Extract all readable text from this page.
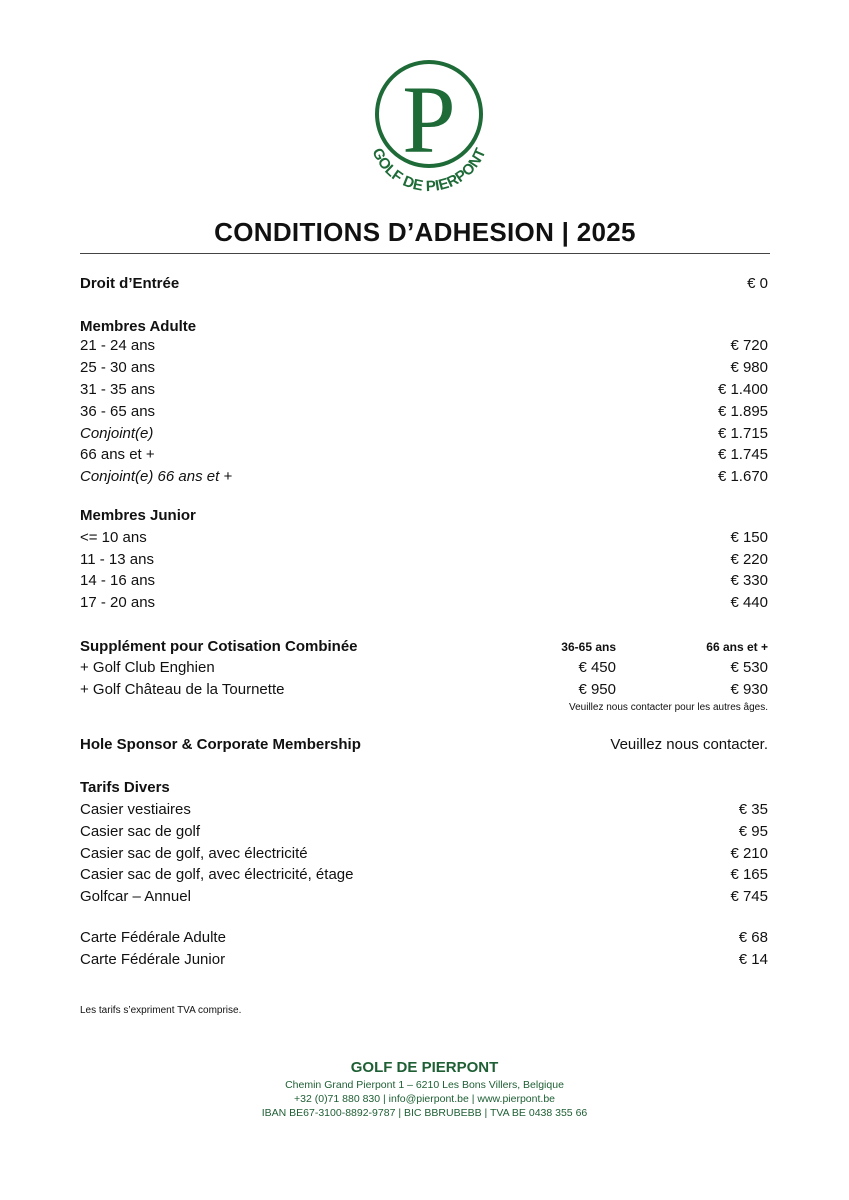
P
GOLF DE PIERPONT
CONDITIONS D’ADHESION | 2025
Droit d’Entrée	€ 0
Membres Adulte
21 - 24 ans	€ 720
25 - 30 ans	€ 980
31 - 35 ans	€ 1.400
36 - 65 ans	€ 1.895
Conjoint(e)	€ 1.715
66 ans et +	€ 1.745
Conjoint(e) 66 ans et +	€ 1.670
Membres Junior
<= 10 ans	€ 150
11 - 13 ans	€ 220
14 - 16 ans	€ 330
17 - 20 ans	€ 440
Supplément pour Cotisation Combinée	36-65 ans	66 ans et +
+ Golf Club Enghien	€ 450	€ 530
+ Golf Château de la Tournette	€ 950	€ 930
Veuillez nous contacter pour les autres âges.
Hole Sponsor & Corporate Membership	Veuillez nous contacter.
Tarifs Divers
Casier vestiaires	€ 35
Casier sac de golf	€ 95
Casier sac de golf, avec électricité	€ 210
Casier sac de golf, avec électricité, étage	€ 165
Golfcar – Annuel	€ 745
Carte Fédérale Adulte	€ 68
Carte Fédérale Junior	€ 14
Les tarifs s’expriment TVA comprise.
GOLF DE PIERPONT
Chemin Grand Pierpont 1 – 6210 Les Bons Villers, Belgique
+32 (0)71 880 830 | info@pierpont.be | www.pierpont.be
IBAN BE67-3100-8892-9787 | BIC BBRUBEBB | TVA BE 0438 355 66
